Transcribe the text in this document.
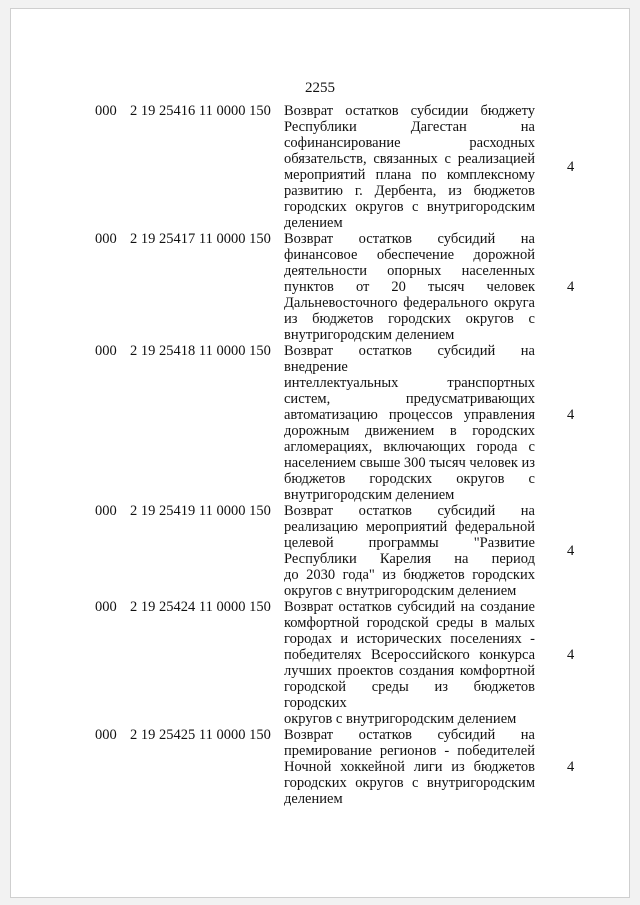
2255
000 2 19 25416 11 0000 150 Возврат остатков субсидии бюджету
Республики Дагестан на
софинансирование расходных
обязательств, связанных с реализацией
мероприятий плана по комплексному
развитию г. Дербента, из бюджетов
городских округов с внутригородским
делением
4
000 2 19 25417 11 0000 150 Возврат остатков субсидий на
финансовое обеспечение дорожной
деятельности опорных населенных
пунктов от 20 тысяч человек
Дальневосточного федерального округа
из бюджетов городских округов с
внутригородским делением
4
000 2 19 25418 11 0000 150 Возврат остатков субсидий на внедрение
интеллектуальных транспортных
систем, предусматривающих
автоматизацию процессов управления
дорожным движением в городских
агломерациях, включающих города с
населением свыше 300 тысяч человек из
бюджетов городских округов с
внутригородским делением
4
000 2 19 25419 11 0000 150 Возврат остатков субсидий на
реализацию мероприятий федеральной
целевой программы "Развитие
Республики Карелия на период
до 2030 года" из бюджетов городских
округов с внутригородским делением
4
000 2 19 25424 11 0000 150 Возврат остатков субсидий на создание
комфортной городской среды в малых
городах и исторических поселениях -
победителях Всероссийского конкурса
лучших проектов создания комфортной
городской среды из бюджетов городских
округов с внутригородским делением
4
000 2 19 25425 11 0000 150 Возврат остатков субсидий на
премирование регионов - победителей
Ночной хоккейной лиги из бюджетов
городских округов с внутригородским
делением
4
